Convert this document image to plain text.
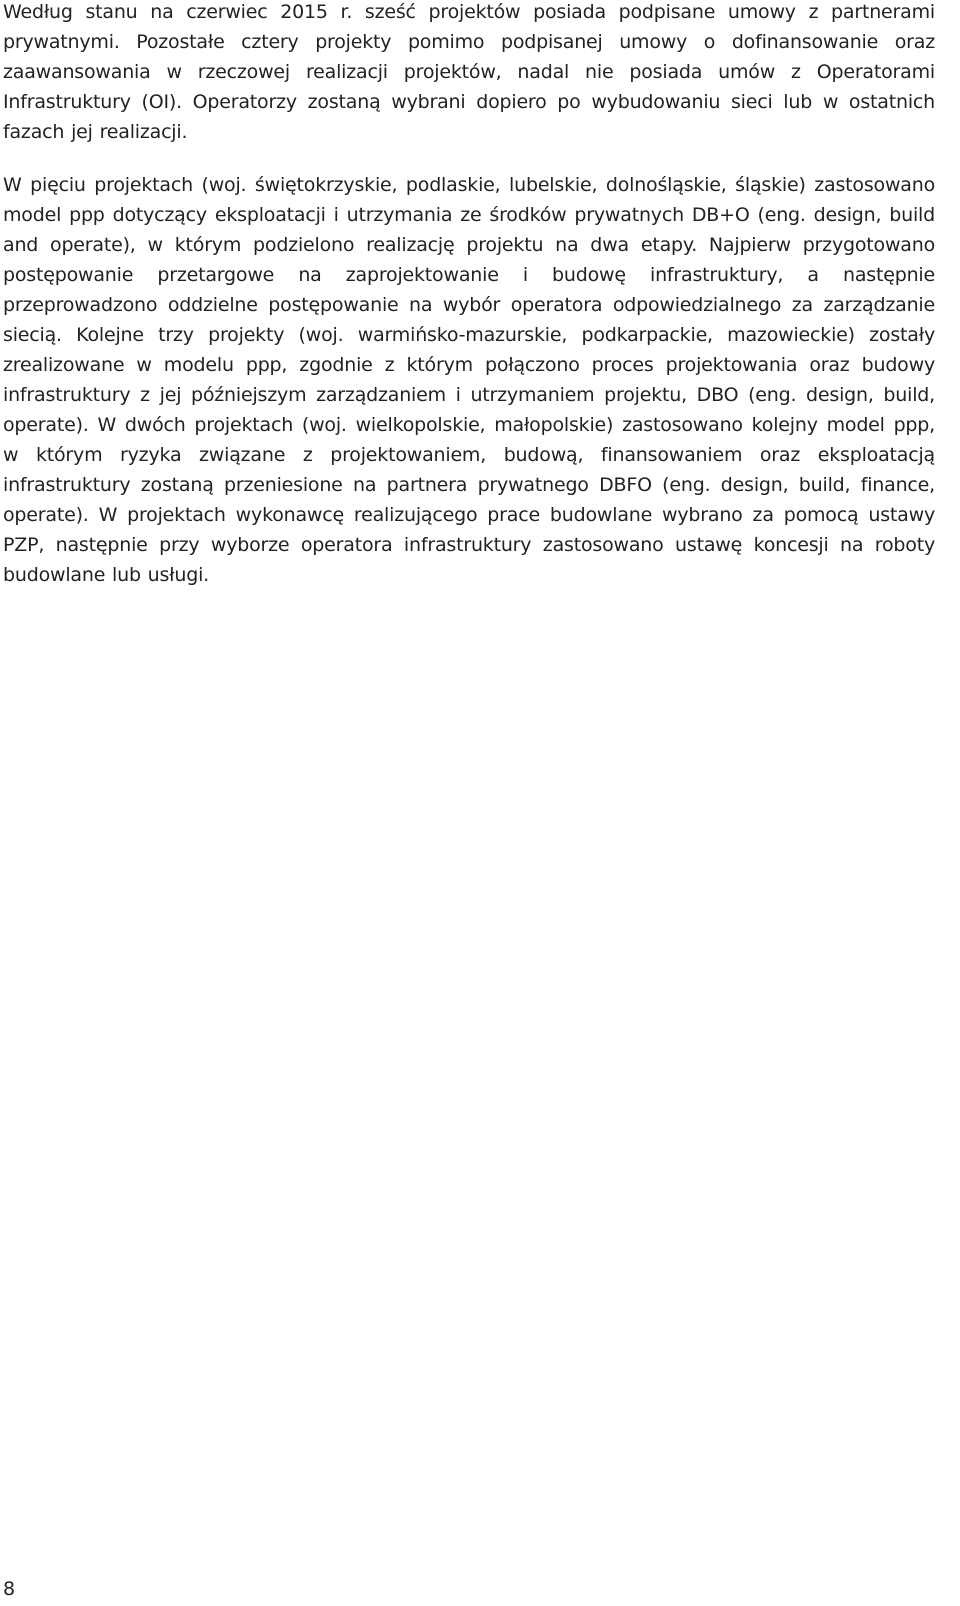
Według stanu na czerwiec 2015 r. sześć projektów posiada podpisane umowy z partnerami prywatnymi. Pozostałe cztery projekty pomimo podpisanej umowy o dofinansowanie oraz zaawansowania w rzeczowej realizacji projektów, nadal nie posiada umów z Operatorami Infrastruktury (OI). Operatorzy zostaną wybrani dopiero po wybudowaniu sieci lub w ostatnich fazach jej realizacji.

W pięciu projektach (woj. świętokrzyskie, podlaskie, lubelskie, dolnośląskie, śląskie) zastosowano model ppp dotyczący eksploatacji i utrzymania ze środków prywatnych DB+O (eng. design, build and operate), w którym podzielono realizację projektu na dwa etapy. Najpierw przygotowano postępowanie przetargowe na zaprojektowanie i budowę infrastruktury, a następnie przeprowadzono oddzielne postępowanie na wybór operatora odpowiedzialnego za zarządzanie siecią. Kolejne trzy projekty (woj. warmińsko-mazurskie, podkarpackie, mazowieckie) zostały zrealizowane w modelu ppp, zgodnie z którym połączono proces projektowania oraz budowy infrastruktury z jej późniejszym zarządzaniem i utrzymaniem projektu, DBO (eng. design, build, operate). W dwóch projektach (woj. wielkopolskie, małopolskie) zastosowano kolejny model ppp, w którym ryzyka związane z projektowaniem, budową, finansowaniem oraz eksploatacją infrastruktury zostaną przeniesione na partnera prywatnego DBFO (eng. design, build, finance, operate). W projektach wykonawcę realizującego prace budowlane wybrano za pomocą ustawy PZP, następnie przy wyborze operatora infrastruktury zastosowano ustawę koncesji na roboty budowlane lub usługi.

8
